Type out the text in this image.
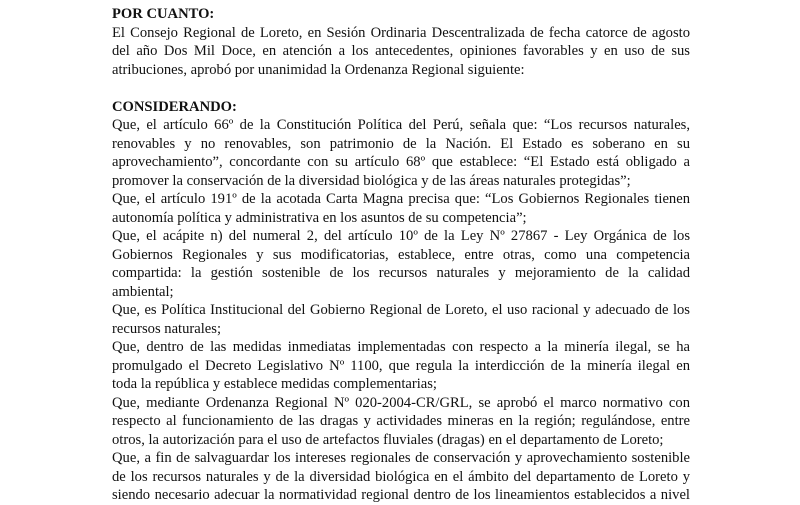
POR CUANTO:
El Consejo Regional de Loreto, en Sesión Ordinaria Descentralizada de fecha catorce de agosto
del año Dos Mil Doce, en atención a los antecedentes, opiniones favorables y en uso de sus
atribuciones, aprobó por unanimidad la Ordenanza Regional siguiente:
CONSIDERANDO:
Que, el artículo 66º de la Constitución Política del Perú, señala que: “Los recursos naturales,
renovables y no renovables, son patrimonio de la Nación. El Estado es soberano en su
aprovechamiento”, concordante con su artículo 68º que establece: “El Estado está obligado a
promover la conservación de la diversidad biológica y de las áreas naturales protegidas”;
Que, el artículo 191º de la acotada Carta Magna precisa que: “Los Gobiernos Regionales tienen
autonomía política y administrativa en los asuntos de su competencia”;
Que, el acápite n) del numeral 2, del artículo 10º de la Ley Nº 27867 - Ley Orgánica de los
Gobiernos Regionales y sus modificatorias, establece, entre otras, como una competencia
compartida: la gestión sostenible de los recursos naturales y mejoramiento de la calidad
ambiental;
Que, es Política Institucional del Gobierno Regional de Loreto, el uso racional y adecuado de los
recursos naturales;
Que, dentro de las medidas inmediatas implementadas con respecto a la minería ilegal, se ha
promulgado el Decreto Legislativo Nº 1100, que regula la interdicción de la minería ilegal en
toda la república y establece medidas complementarias;
Que, mediante Ordenanza Regional Nº 020-2004-CR/GRL, se aprobó el marco normativo con
respecto al funcionamiento de las dragas y actividades mineras en la región; regulándose, entre
otros, la autorización para el uso de artefactos fluviales (dragas) en el departamento de Loreto;
Que, a fin de salvaguardar los intereses regionales de conservación y aprovechamiento sostenible
de los recursos naturales y de la diversidad biológica en el ámbito del departamento de Loreto y
siendo necesario adecuar la normatividad regional dentro de los lineamientos establecidos a nivel
